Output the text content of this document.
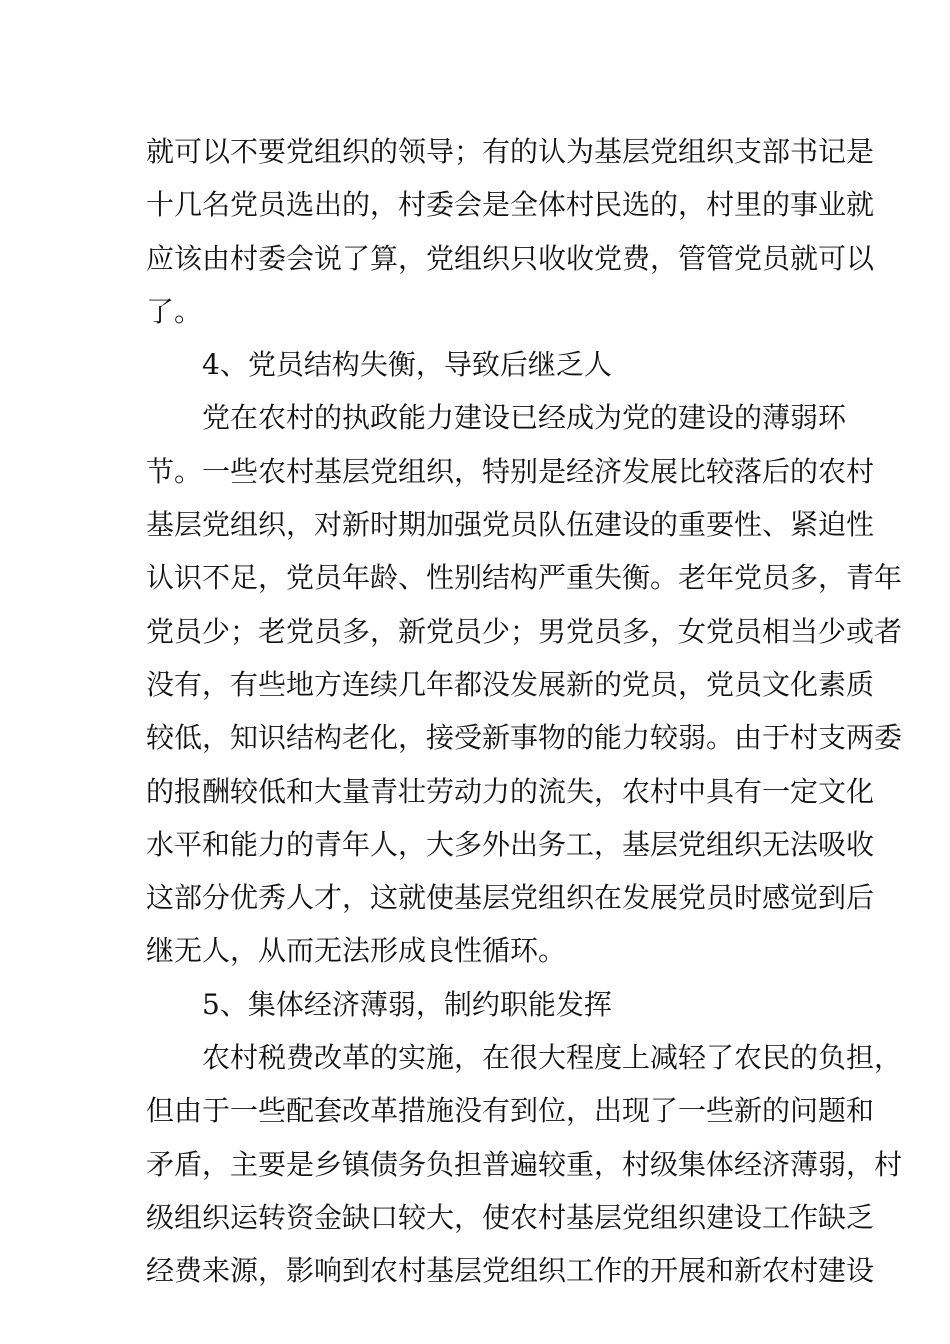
就可以不要党组织的领导；有的认为基层党组织支部书记是
十几名党员选出的，村委会是全体村民选的，村里的事业就
应该由村委会说了算，党组织只收收党费，管管党员就可以
了。
4、党员结构失衡，导致后继乏人
党在农村的执政能力建设已经成为党的建设的薄弱环
节。一些农村基层党组织，特别是经济发展比较落后的农村
基层党组织，对新时期加强党员队伍建设的重要性、紧迫性
认识不足，党员年龄、性别结构严重失衡。老年党员多，青年
党员少；老党员多，新党员少；男党员多，女党员相当少或者
没有，有些地方连续几年都没发展新的党员，党员文化素质
较低，知识结构老化，接受新事物的能力较弱。由于村支两委
的报酬较低和大量青壮劳动力的流失，农村中具有一定文化
水平和能力的青年人，大多外出务工，基层党组织无法吸收
这部分优秀人才，这就使基层党组织在发展党员时感觉到后
继无人，从而无法形成良性循环。
5、集体经济薄弱，制约职能发挥
农村税费改革的实施，在很大程度上减轻了农民的负担，
但由于一些配套改革措施没有到位，出现了一些新的问题和
矛盾，主要是乡镇债务负担普遍较重，村级集体经济薄弱，村
级组织运转资金缺口较大，使农村基层党组织建设工作缺乏
经费来源，影响到农村基层党组织工作的开展和新农村建设
